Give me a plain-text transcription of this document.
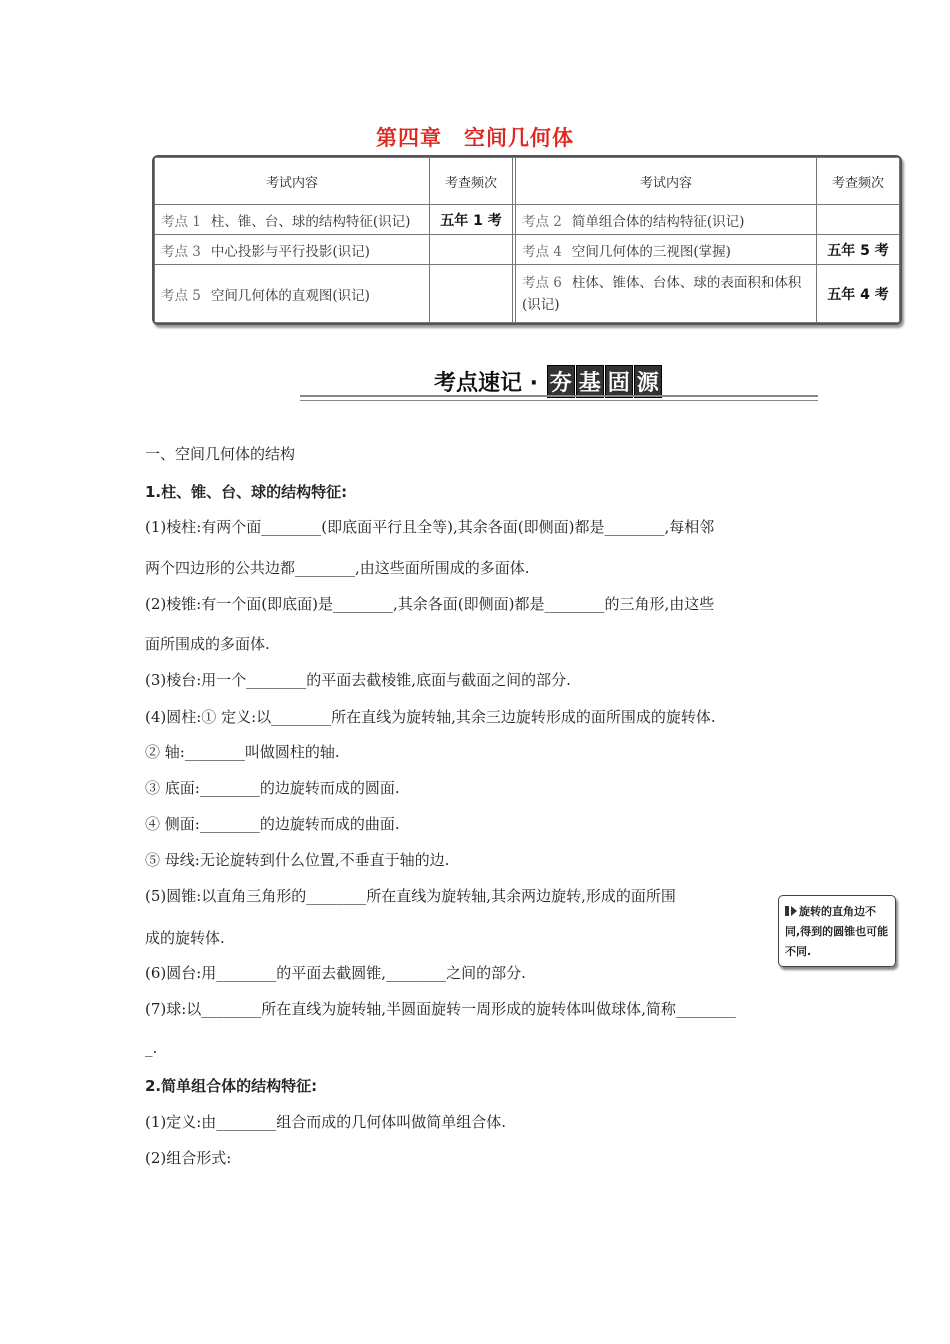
第四章　空间几何体
考试内容	考查频次		考试内容	考查频次
考点 1 柱、锥、台、球的结构特征(识记)	五年 1 考		考点 2 简单组合体的结构特征(识记)	
考点 3 中心投影与平行投影(识记)			考点 4 空间几何体的三视图(掌握)	五年 5 考
考点 5 空间几何体的直观图(识记)			考点 6 柱体、锥体、台体、球的表面积和体积(识记)	五年 4 考
考点速记 · 夯 基 固 源
一、空间几何体的结构
1.柱、锥、台、球的结构特征:
(1)棱柱:有两个面________(即底面平行且全等),其余各面(即侧面)都是________,每相邻
两个四边形的公共边都________,由这些面所围成的多面体.
(2)棱锥:有一个面(即底面)是________,其余各面(即侧面)都是________的三角形,由这些
面所围成的多面体.
(3)棱台:用一个________的平面去截棱锥,底面与截面之间的部分.
(4)圆柱:① 定义:以________所在直线为旋转轴,其余三边旋转形成的面所围成的旋转体.
② 轴:________叫做圆柱的轴.
③ 底面:________的边旋转而成的圆面.
④ 侧面:________的边旋转而成的曲面.
⑤ 母线:无论旋转到什么位置,不垂直于轴的边.
(5)圆锥:以直角三角形的________所在直线为旋转轴,其余两边旋转,形成的面所围
成的旋转体.
(6)圆台:用________的平面去截圆锥,________之间的部分.
(7)球:以________所在直线为旋转轴,半圆面旋转一周形成的旋转体叫做球体,简称________
_.
2.简单组合体的结构特征:
(1)定义:由________组合而成的几何体叫做简单组合体.
(2)组合形式:
旋转的直角边不同,得到的圆锥也可能不同.
